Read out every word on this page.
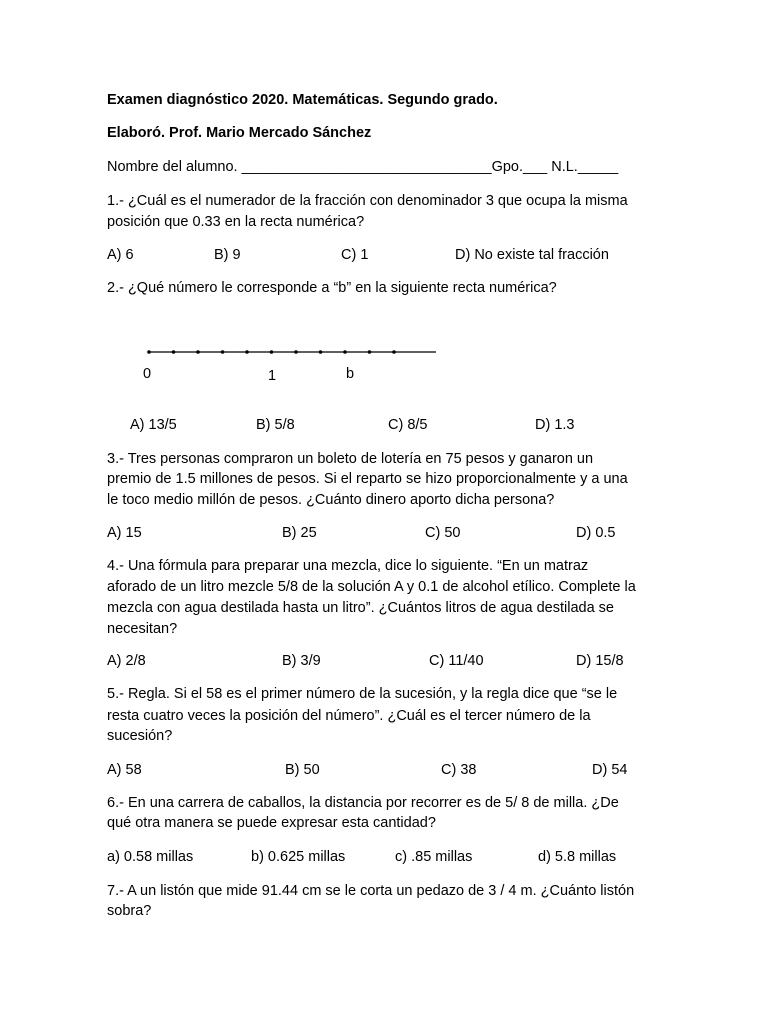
Examen diagnóstico 2020. Matemáticas. Segundo grado.
Elaboró. Prof. Mario Mercado Sánchez
Nombre del alumno. _______________________________Gpo.___ N.L._____
1.- ¿Cuál es el numerador de la fracción con denominador 3 que ocupa la misma
posición que 0.33 en la recta numérica?
A) 6	B) 9	C) 1	D) No existe tal fracción
2.- ¿Qué número le corresponde a “b” en la siguiente recta numérica?
0	1	b
A) 13/5	B) 5/8	C) 8/5	D) 1.3
3.- Tres personas compraron un boleto de lotería en 75 pesos y ganaron un
premio de 1.5 millones de pesos. Si el reparto se hizo proporcionalmente y a una
le toco medio millón de pesos. ¿Cuánto dinero aporto dicha persona?
A) 15	B) 25	C) 50	D) 0.5
4.- Una fórmula para preparar una mezcla, dice lo siguiente. “En un matraz
aforado de un litro mezcle 5/8 de la solución A y 0.1 de alcohol etílico. Complete la
mezcla con agua destilada hasta un litro”. ¿Cuántos litros de agua destilada se
necesitan?
A) 2/8	B) 3/9	C) 11/40	D) 15/8
5.- Regla. Si el 58 es el primer número de la sucesión, y la regla dice que “se le
resta cuatro veces la posición del número”. ¿Cuál es el tercer número de la
sucesión?
A) 58	B) 50	C) 38	D) 54
6.- En una carrera de caballos, la distancia por recorrer es de 5/ 8 de milla. ¿De
qué otra manera se puede expresar esta cantidad?
a) 0.58 millas	b) 0.625 millas	c) .85 millas	d) 5.8 millas
7.- A un listón que mide 91.44 cm se le corta un pedazo de 3 / 4 m. ¿Cuánto listón
sobra?
